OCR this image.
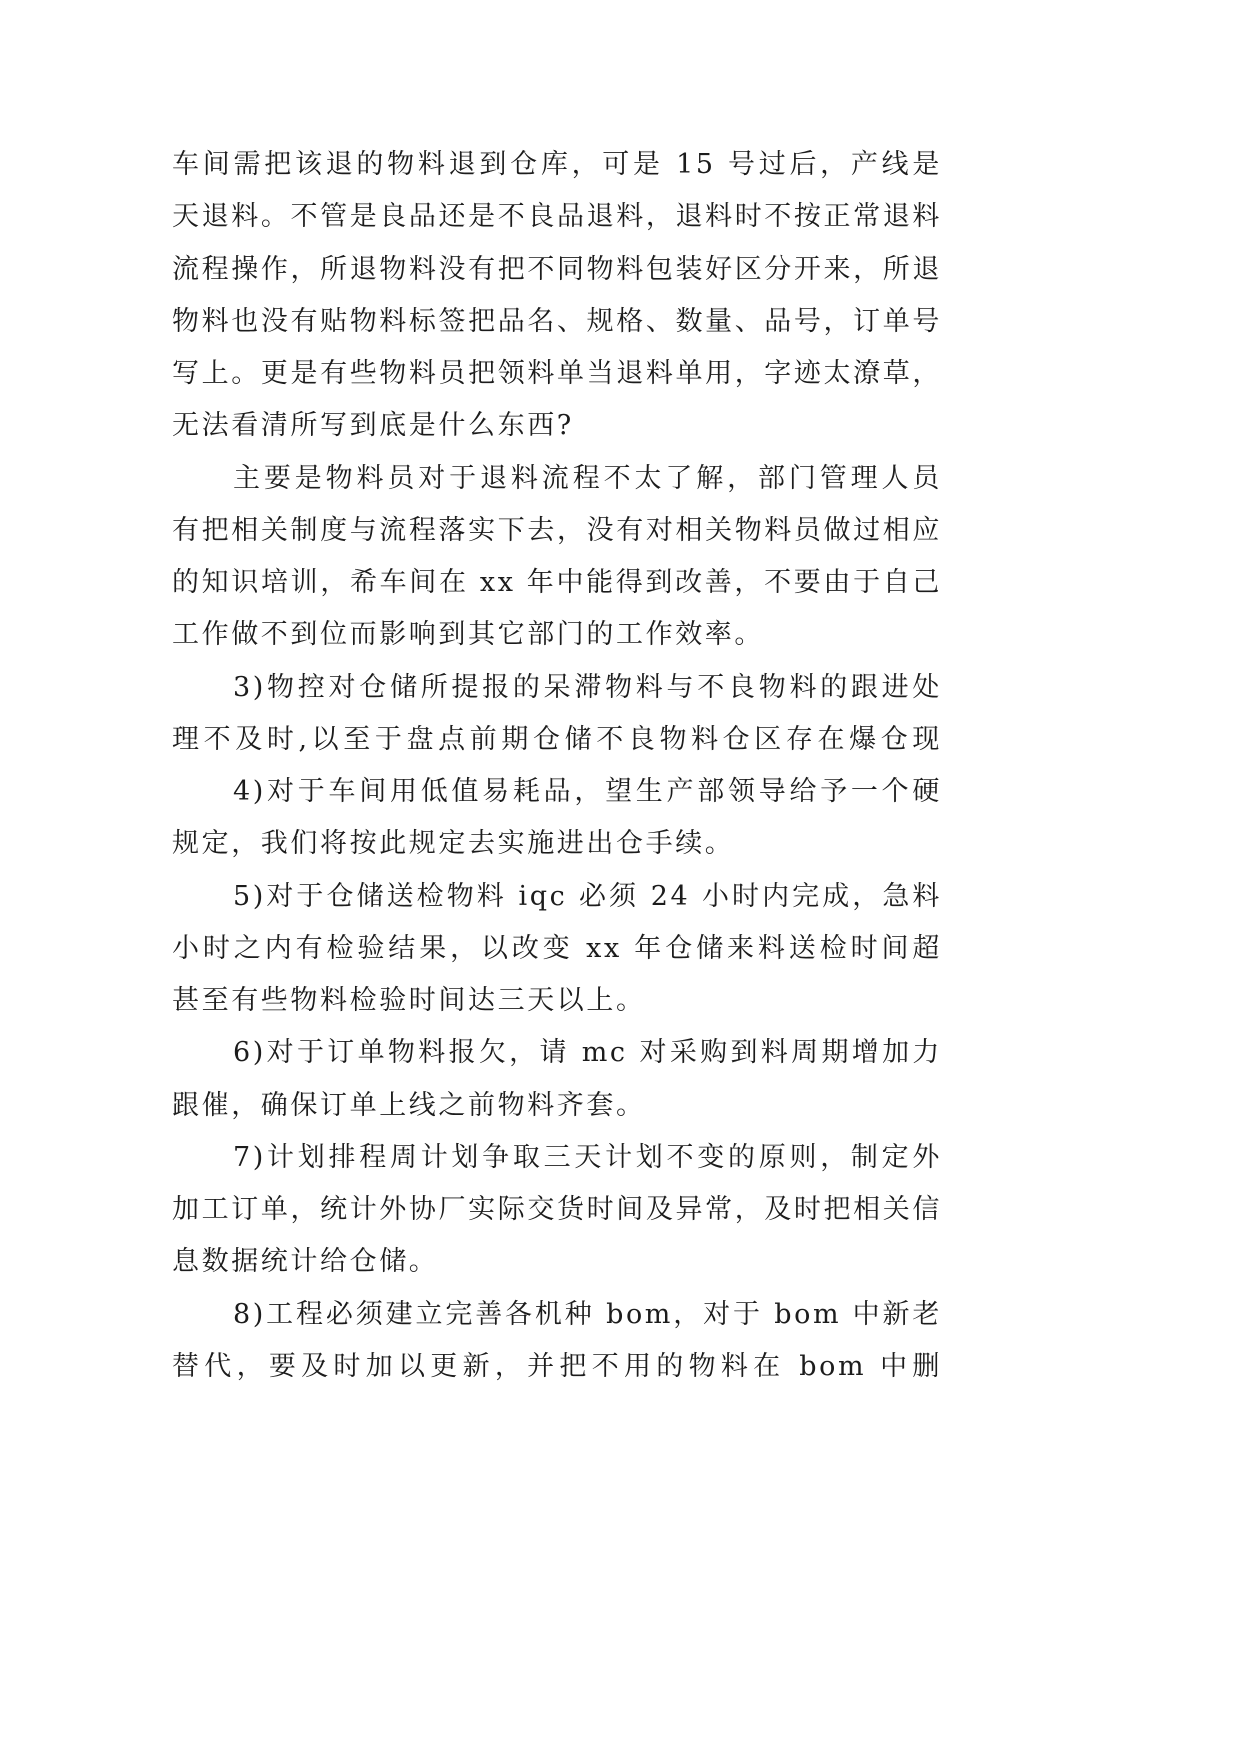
车间需把该退的物料退到仓库，可是 15 号过后，产线是
天退料。不管是良品还是不良品退料，退料时不按正常退料
流程操作，所退物料没有把不同物料包装好区分开来，所退
物料也没有贴物料标签把品名、规格、数量、品号，订单号
写上。更是有些物料员把领料单当退料单用，字迹太潦草，
无法看清所写到底是什么东西?
主要是物料员对于退料流程不太了解，部门管理人员
有把相关制度与流程落实下去，没有对相关物料员做过相应
的知识培训，希车间在 xx 年中能得到改善，不要由于自己
工作做不到位而影响到其它部门的工作效率。
3)物控对仓储所提报的呆滞物料与不良物料的跟进处
理不及时,以至于盘点前期仓储不良物料仓区存在爆仓现
4)对于车间用低值易耗品，望生产部领导给予一个硬
规定，我们将按此规定去实施进出仓手续。
5)对于仓储送检物料 iqc 必须 24 小时内完成，急料
小时之内有检验结果，以改变 xx 年仓储来料送检时间超
甚至有些物料检验时间达三天以上。
6)对于订单物料报欠，请 mc 对采购到料周期增加力
跟催，确保订单上线之前物料齐套。
7)计划排程周计划争取三天计划不变的原则，制定外
加工订单，统计外协厂实际交货时间及异常，及时把相关信
息数据统计给仓储。
8)工程必须建立完善各机种 bom，对于 bom 中新老
替代，要及时加以更新，并把不用的物料在 bom 中删
